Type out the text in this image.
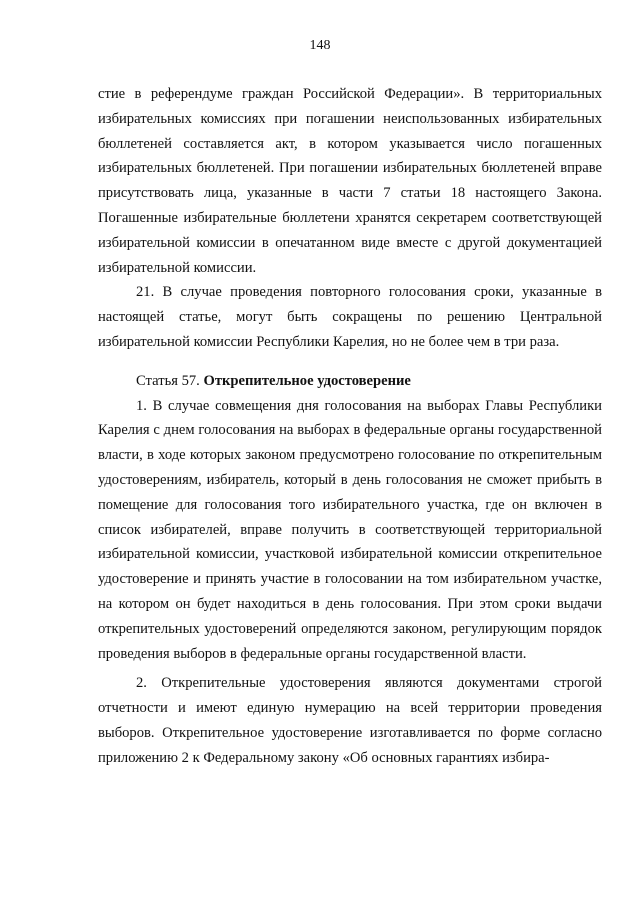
148

стие в референдуме граждан Российской Федерации». В территориальных избирательных комиссиях при погашении неиспользованных избирательных бюллетеней составляется акт, в котором указывается число погашенных избирательных бюллетеней. При погашении избирательных бюллетеней вправе присутствовать лица, указанные в части 7 статьи 18 настоящего Закона. Погашенные избирательные бюллетени хранятся секретарем соответствующей избирательной комиссии в опечатанном виде вместе с другой документацией избирательной комиссии.

21. В случае проведения повторного голосования сроки, указанные в настоящей статье, могут быть сокращены по решению Центральной избирательной комиссии Республики Карелия, но не более чем в три раза.

Статья 57. Открепительное удостоверение

1. В случае совмещения дня голосования на выборах Главы Республики Карелия с днем голосования на выборах в федеральные органы государственной власти, в ходе которых законом предусмотрено голосование по открепительным удостоверениям, избиратель, который в день голосования не сможет прибыть в помещение для голосования того избирательного участка, где он включен в список избирателей, вправе получить в соответствующей территориальной избирательной комиссии, участковой избирательной комиссии открепительное удостоверение и принять участие в голосовании на том избирательном участке, на котором он будет находиться в день голосования. При этом сроки выдачи открепительных удостоверений определяются законом, регулирующим порядок проведения выборов в федеральные органы государственной власти.

2. Открепительные удостоверения являются документами строгой отчетности и имеют единую нумерацию на всей территории проведения выборов. Открепительное удостоверение изготавливается по форме согласно приложению 2 к Федеральному закону «Об основных гарантиях избира-
